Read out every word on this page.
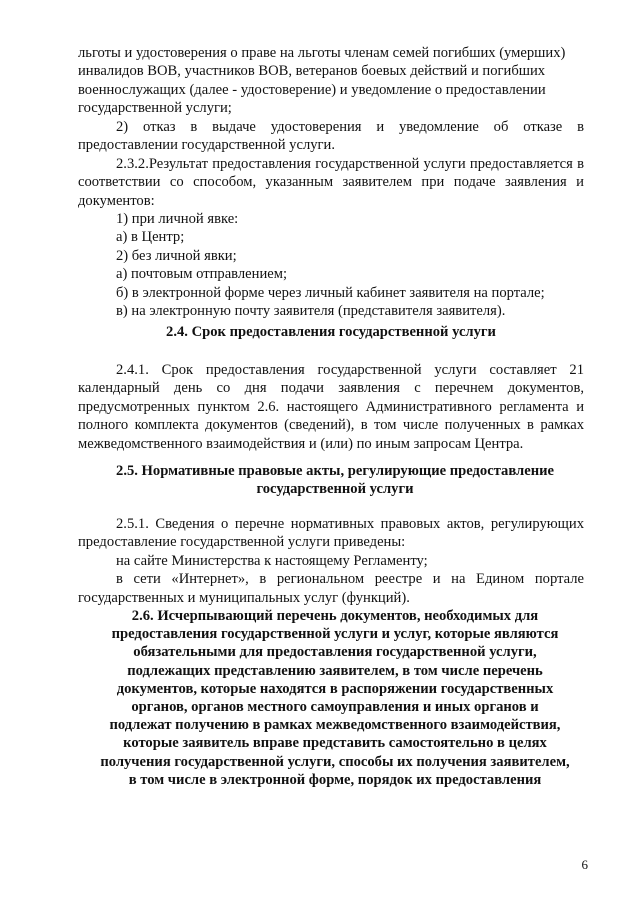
льготы и удостоверения о праве на льготы членам семей погибших (умерших)

инвалидов ВОВ, участников ВОВ, ветеранов боевых действий и погибших

военнослужащих (далее - удостоверение) и уведомление о предоставлении

государственной услуги;

2) отказ в выдаче удостоверения и уведомление об отказе в предоставлении государственной услуги.

2.3.2.Результат предоставления государственной услуги предоставляется в соответствии со способом, указанным заявителем при подаче заявления и документов:

1) при личной явке:

а) в Центр;

2) без личной явки;

а) почтовым отправлением;

б) в электронной форме через личный кабинет заявителя на портале;

в) на электронную почту заявителя (представителя заявителя).

2.4. Срок предоставления государственной услуги

2.4.1. Срок предоставления государственной услуги составляет 21 календарный день со дня подачи заявления с перечнем документов, предусмотренных пунктом 2.6. настоящего Административного регламента и полного комплекта документов (сведений), в том числе полученных в рамках межведомственного взаимодействия и (или) по иным запросам Центра.

2.5. Нормативные правовые акты, регулирующие предоставление государственной услуги

2.5.1. Сведения о перечне нормативных правовых актов, регулирующих предоставление государственной услуги приведены:

на сайте Министерства к настоящему Регламенту;

в сети «Интернет», в региональном реестре и на Едином портале государственных и муниципальных услуг (функций).

2.6. Исчерпывающий перечень документов, необходимых для предоставления государственной услуги и услуг, которые являются обязательными для предоставления государственной услуги, подлежащих представлению заявителем, в том числе перечень документов, которые находятся в распоряжении государственных органов, органов местного самоуправления и иных органов и подлежат получению в рамках межведомственного взаимодействия, которые заявитель вправе представить самостоятельно в целях получения государственной услуги, способы их получения заявителем, в том числе в электронной форме, порядок их предоставления
6
